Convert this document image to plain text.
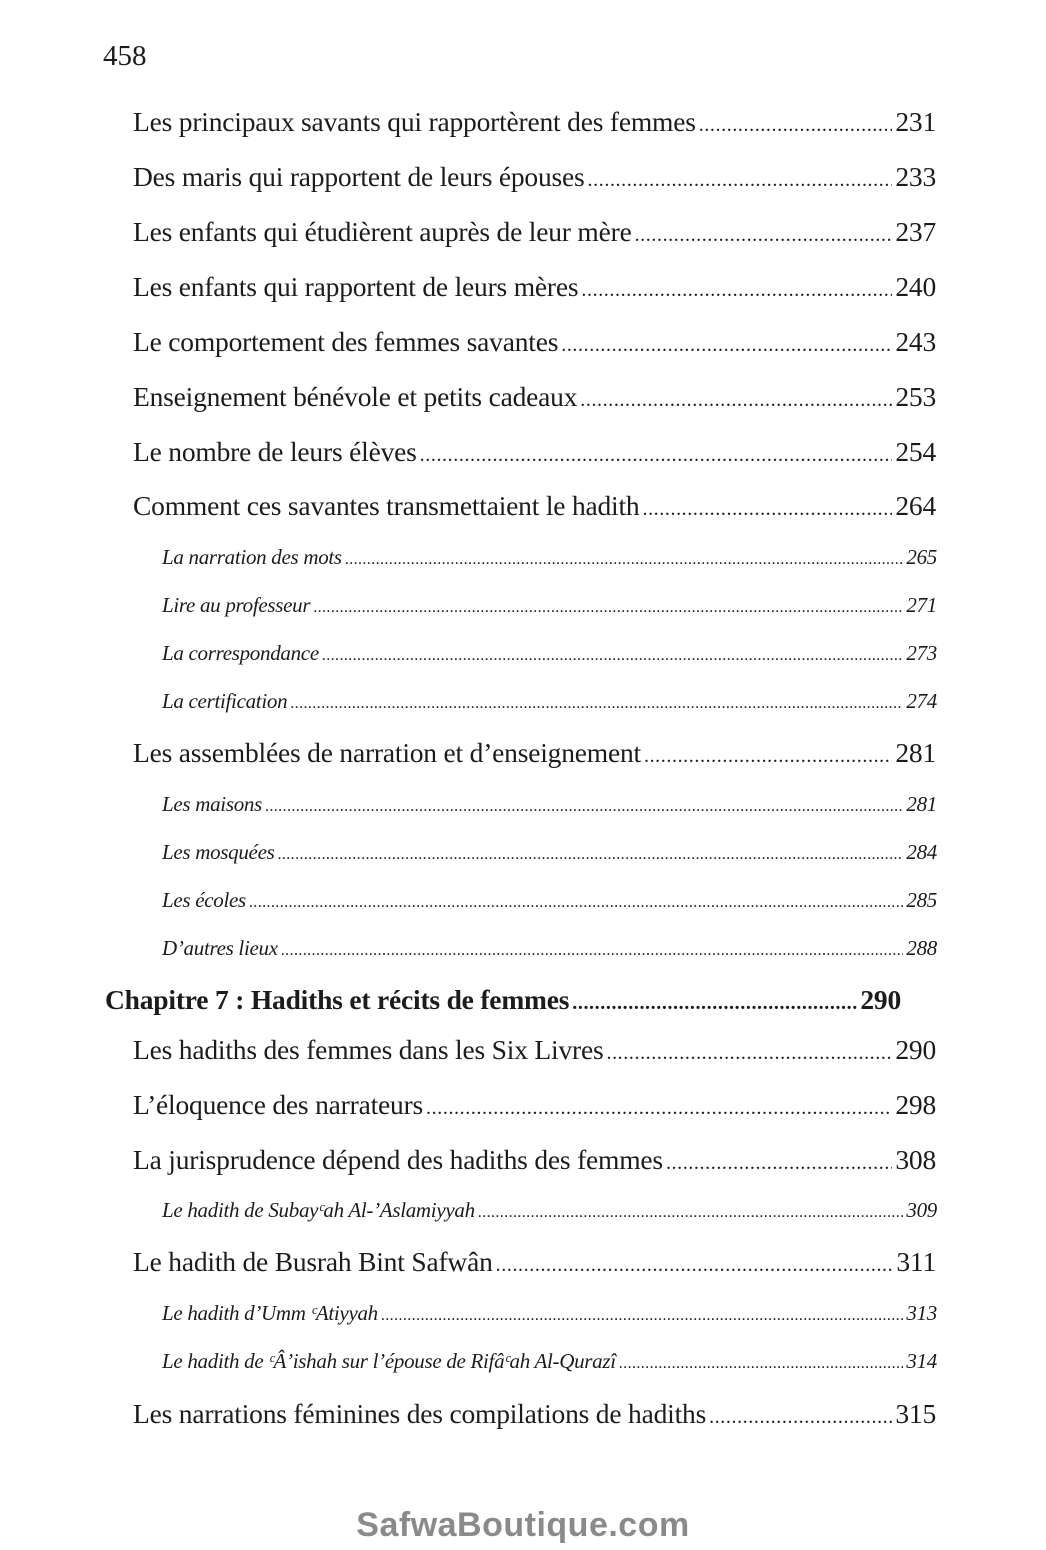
458
Les principaux savants qui rapportèrent des femmes .....	231
Des maris qui rapportent de leurs épouses .....	233
Les enfants qui étudièrent auprès de leur mère .....	237
Les enfants qui rapportent de leurs mères .....	240
Le comportement des femmes savantes .....	243
Enseignement bénévole et petits cadeaux .....	253
Le nombre de leurs élèves .....	254
Comment ces savantes transmettaient le hadith .....	264
La narration des mots .....	265
Lire au professeur .....	271
La correspondance .....	273
La certification .....	274
Les assemblées de narration et d’enseignement .....	281
Les maisons .....	281
Les mosquées .....	284
Les écoles .....	285
D’autres lieux .....	288
Chapitre 7 : Hadiths et récits de femmes .....	290
Les hadiths des femmes dans les Six Livres .....	290
L’éloquence des narrateurs .....	298
La jurisprudence dépend des hadiths des femmes .....	308
Le hadith de Subayᶜah Al-’Aslamiyyah .....	309
Le hadith de Busrah Bint Safwân .....	311
Le hadith d’Umm ᶜAtiyyah .....	313
Le hadith de ᶜÂ’ishah sur l’épouse de Rifâᶜah Al-Qurazî .....	314
Les narrations féminines des compilations de hadiths .....	315
SafwaBoutique.com
